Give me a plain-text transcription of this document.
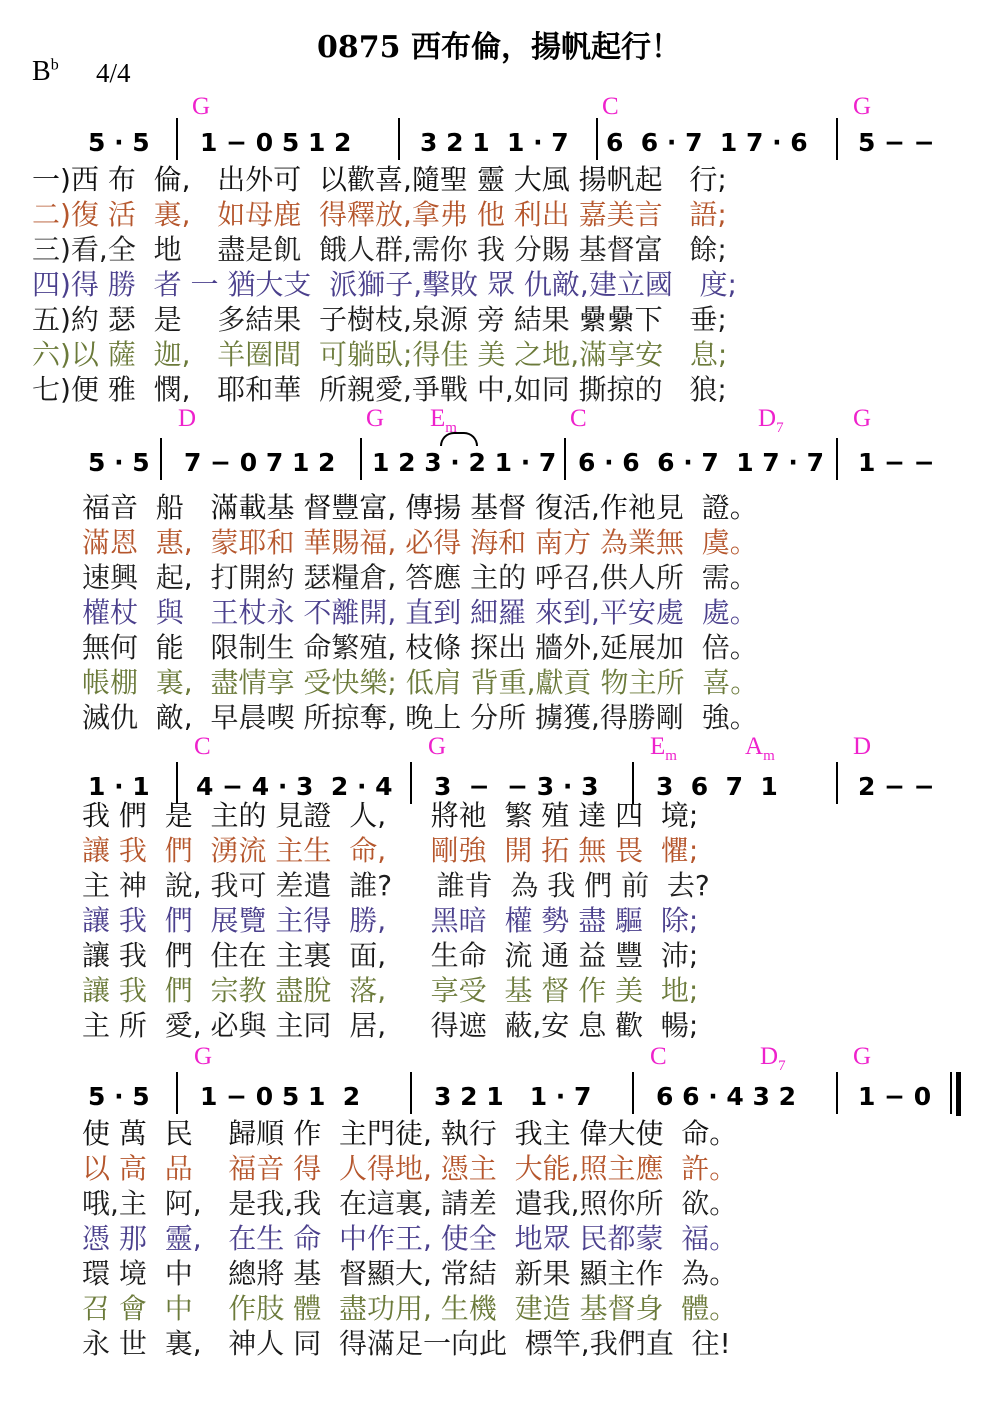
0875 西布倫，揚帆起行！
$B^b$ 4/4
G	C	G
5 · 5 1 − 0 5 1 2	3 2 1  1 · 7 6  6 · 7  1 7 · 6 5 − −
一)西 布  倫,   出外可  以歡喜,隨聖 靈 大風 揚帆起   行;
二)復 活  裏,   如母鹿  得釋放,拿弗 他 利出 嘉美言   語;
三)看,全  地    盡是飢  餓人群,需你 我 分賜 基督富   餘;
四)得 勝  者 一 猶大支  派獅子,擊敗 眾 仇敵,建立國   度;
五)約 瑟  是    多結果  子樹枝,泉源 旁 結果 纍纍下   垂;
六)以 薩  迦,   羊圈間  可躺臥;得佳 美 之地,滿享安   息;
七)便 雅  憫,   耶和華  所親愛,爭戰 中,如同 撕掠的   狼;
D	G $E_m$	C	$D_7$	G
5 · 5 7 − 0 7 1 2 1 2 3 · 2 1 · 7 6 · 6  6 · 7  1 7 · 7 1 − −
福音  船   滿載基 督豐富, 傳揚 基督 復活,作祂見  證。
滿恩  惠,  蒙耶和 華賜福, 必得 海和 南方 為業無  虞。
速興  起,  打開約 瑟糧倉, 答應 主的 呼召,供人所  需。
權杖  與   王杖永 不離開, 直到 細羅 來到,平安處  處。
無何  能   限制生 命繁殖, 枝條 探出 牆外,延展加  倍。
帳棚  裏,  盡情享 受快樂; 低肩 背重,獻貢 物主所  喜。
滅仇  敵,  早晨喫 所掠奪, 晚上 分所 擄獲,得勝剛  強。
C	G	$E_m$	$A_m$	D
1 · 1 4 − 4 · 3  2 · 4 3  −  − 3 · 3 3  6  7  1	2 − −
我 們  是  主的 見證  人,     將祂  繁 殖 達 四  境;
讓 我  們  湧流 主生  命,     剛強  開 拓 無 畏  懼;
主 神  說, 我可 差遣  誰?     誰肯  為 我 們 前  去?
讓 我  們  展覽 主得  勝,     黑暗  權 勢 盡 驅  除;
讓 我  們  住在 主裏  面,     生命  流 通 益 豐  沛;
讓 我  們  宗教 盡脫  落,     享受  基 督 作 美  地;
主 所  愛, 必與 主同  居,     得遮  蔽,安 息 歡  暢;
G	C	$D_7$	G
5 · 5 1 − 0 5 1  2	3 2 1   1 · 7	6 6 · 4 3 2 1 − 0
使 萬  民    歸順 作  主門徒, 執行  我主 偉大使  命。
以 高  品    福音 得  人得地, 憑主  大能,照主應  許。
哦,主  阿,   是我,我  在這裏, 請差  遣我,照你所  欲。
憑 那  靈,   在生 命  中作王, 使全  地眾 民都蒙  福。
環 境  中    總將 基  督顯大, 常結  新果 顯主作  為。
召 會  中    作肢 體  盡功用, 生機  建造 基督身  體。
永 世  裏,   神人 同  得滿足一向此  標竿,我們直  往!
